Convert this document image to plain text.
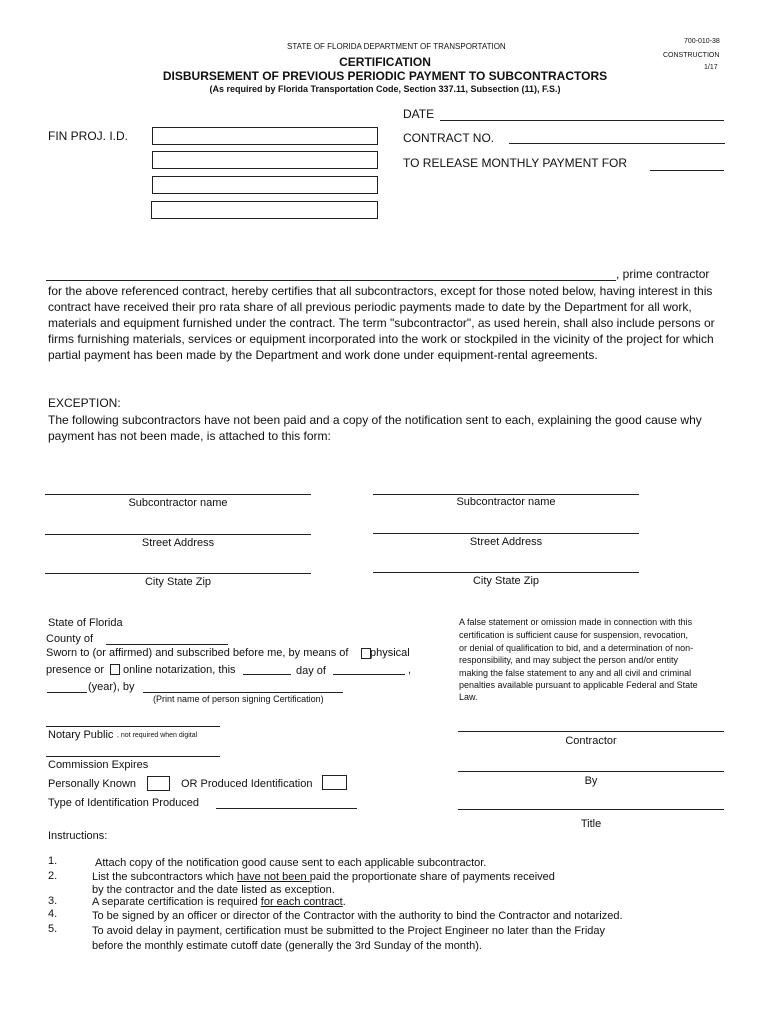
STATE OF FLORIDA DEPARTMENT OF TRANSPORTATION
700-010-38
CONSTRUCTION
1/17
CERTIFICATION
DISBURSEMENT OF PREVIOUS PERIODIC PAYMENT TO SUBCONTRACTORS
(As required by Florida Transportation Code, Section 337.11, Subsection (11), F.S.)
FIN PROJ. I.D.
DATE
CONTRACT NO.
TO RELEASE MONTHLY PAYMENT FOR
, prime contractor
for the above referenced contract, hereby certifies that all subcontractors, except for those noted below, having interest in this contract have received their pro rata share of all previous periodic payments made to date by the Department for all work, materials and equipment furnished under the contract. The term "subcontractor", as used herein, shall also include persons or firms furnishing materials, services or equipment incorporated into the work or stockpiled in the vicinity of the project for which partial payment has been made by the Department and work done under equipment-rental agreements.
EXCEPTION:
The following subcontractors have not been paid and a copy of the notification sent to each, explaining the good cause why payment has not been made, is attached to this form:
Subcontractor name
Street Address
City State Zip
Subcontractor name
Street Address
City State Zip
State of Florida
County of
Sworn to (or affirmed) and subscribed before me, by means of physical
presence or online notarization, this	day of	,
(year), by
(Print name of person signing Certification)
Notary Public , not required when digital
Commission Expires
Personally Known	OR Produced Identification
Type of Identification Produced
A false statement or omission made in connection with this
certification is sufficient cause for suspension, revocation,
or denial of qualification to bid, and a determination of non-
responsibility, and may subject the person and/or entity
making the false statement to any and all civil and criminal
penalties available pursuant to applicable Federal and State
Law.
Contractor
By
Title
Instructions:
1.	Attach copy of the notification good cause sent to each applicable subcontractor.
2.	List the subcontractors which have not been paid the proportionate share of payments received
by the contractor and the date listed as exception.
3.	A separate certification is required for each contract.
4.	To be signed by an officer or director of the Contractor with the authority to bind the Contractor and notarized.
5.	To avoid delay in payment, certification must be submitted to the Project Engineer no later than the Friday
before the monthly estimate cutoff date (generally the 3rd Sunday of the month).
